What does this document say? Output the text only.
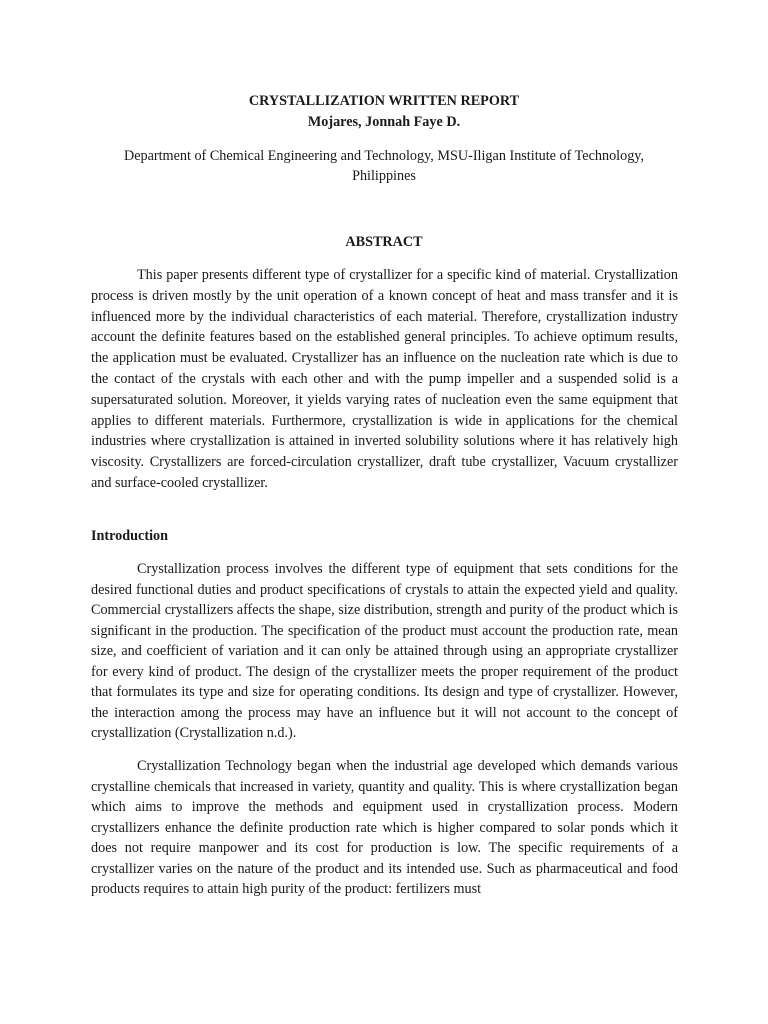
CRYSTALLIZATION WRITTEN REPORT
Mojares, Jonnah Faye D.
Department of Chemical Engineering and Technology, MSU-Iligan Institute of Technology,
Philippines
ABSTRACT

This paper presents different type of crystallizer for a specific kind of material. Crystallization process is driven mostly by the unit operation of a known concept of heat and mass transfer and it is influenced more by the individual characteristics of each material. Therefore, crystallization industry account the definite features based on the established general principles. To achieve optimum results, the application must be evaluated. Crystallizer has an influence on the nucleation rate which is due to the contact of the crystals with each other and with the pump impeller and a suspended solid is a supersaturated solution. Moreover, it yields varying rates of nucleation even the same equipment that applies to different materials. Furthermore, crystallization is wide in applications for the chemical industries where crystallization is attained in inverted solubility solutions where it has relatively high viscosity. Crystallizers are forced-circulation crystallizer, draft tube crystallizer, Vacuum crystallizer and surface-cooled crystallizer.

Introduction

Crystallization process involves the different type of equipment that sets conditions for the desired functional duties and product specifications of crystals to attain the expected yield and quality. Commercial crystallizers affects the shape, size distribution, strength and purity of the product which is significant in the production. The specification of the product must account the production rate, mean size, and coefficient of variation and it can only be attained through using an appropriate crystallizer for every kind of product. The design of the crystallizer meets the proper requirement of the product that formulates its type and size for operating conditions. Its design and type of crystallizer. However, the interaction among the process may have an influence but it will not account to the concept of crystallization (Crystallization n.d.).

Crystallization Technology began when the industrial age developed which demands various crystalline chemicals that increased in variety, quantity and quality. This is where crystallization began which aims to improve the methods and equipment used in crystallization process. Modern crystallizers enhance the definite production rate which is higher compared to solar ponds which it does not require manpower and its cost for production is low. The specific requirements of a crystallizer varies on the nature of the product and its intended use. Such as pharmaceutical and food products requires to attain high purity of the product: fertilizers must
